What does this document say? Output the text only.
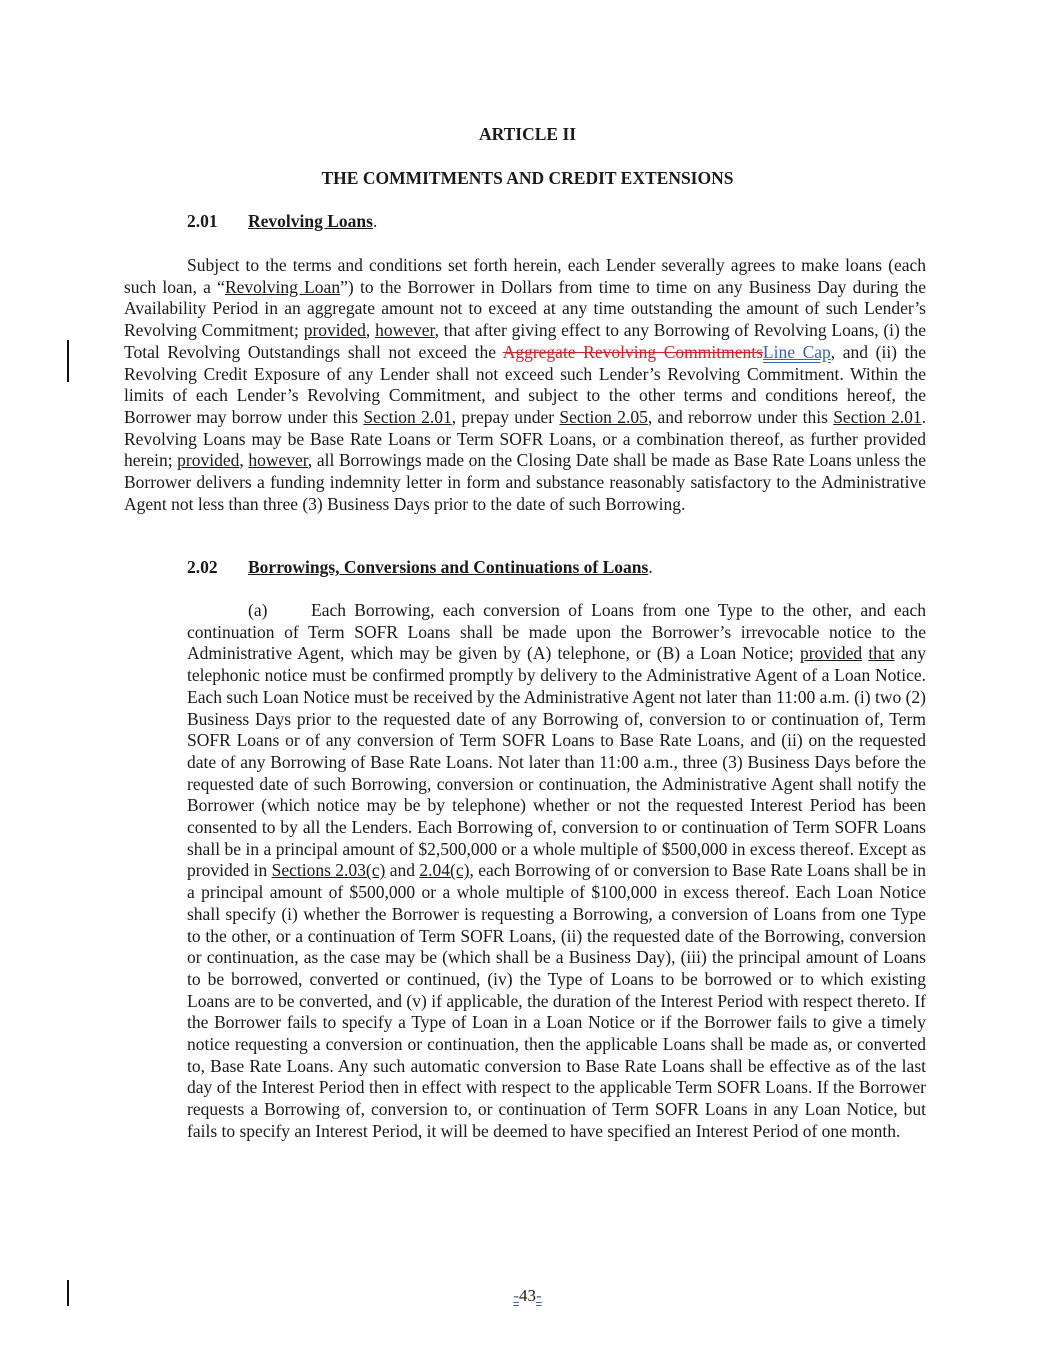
ARTICLE II
THE COMMITMENTS AND CREDIT EXTENSIONS
2.01 Revolving Loans.
Subject to the terms and conditions set forth herein, each Lender severally agrees to make loans (each such loan, a “Revolving Loan”) to the Borrower in Dollars from time to time on any Business Day during the Availability Period in an aggregate amount not to exceed at any time outstanding the amount of such Lender’s Revolving Commitment; provided, however, that after giving effect to any Borrowing of Revolving Loans, (i) the Total Revolving Outstandings shall not exceed the Aggregate Revolving CommitmentsLine Cap, and (ii) the Revolving Credit Exposure of any Lender shall not exceed such Lender’s Revolving Commitment. Within the limits of each Lender’s Revolving Commitment, and subject to the other terms and conditions hereof, the Borrower may borrow under this Section 2.01, prepay under Section 2.05, and reborrow under this Section 2.01. Revolving Loans may be Base Rate Loans or Term SOFR Loans, or a combination thereof, as further provided herein; provided, however, all Borrowings made on the Closing Date shall be made as Base Rate Loans unless the Borrower delivers a funding indemnity letter in form and substance reasonably satisfactory to the Administrative Agent not less than three (3) Business Days prior to the date of such Borrowing.
2.02 Borrowings, Conversions and Continuations of Loans.
(a) Each Borrowing, each conversion of Loans from one Type to the other, and each continuation of Term SOFR Loans shall be made upon the Borrower’s irrevocable notice to the Administrative Agent, which may be given by (A) telephone, or (B) a Loan Notice; provided that any telephonic notice must be confirmed promptly by delivery to the Administrative Agent of a Loan Notice. Each such Loan Notice must be received by the Administrative Agent not later than 11:00 a.m. (i) two (2) Business Days prior to the requested date of any Borrowing of, conversion to or continuation of, Term SOFR Loans or of any conversion of Term SOFR Loans to Base Rate Loans, and (ii) on the requested date of any Borrowing of Base Rate Loans. Not later than 11:00 a.m., three (3) Business Days before the requested date of such Borrowing, conversion or continuation, the Administrative Agent shall notify the Borrower (which notice may be by telephone) whether or not the requested Interest Period has been consented to by all the Lenders. Each Borrowing of, conversion to or continuation of Term SOFR Loans shall be in a principal amount of $2,500,000 or a whole multiple of $500,000 in excess thereof. Except as provided in Sections 2.03(c) and 2.04(c), each Borrowing of or conversion to Base Rate Loans shall be in a principal amount of $500,000 or a whole multiple of $100,000 in excess thereof. Each Loan Notice shall specify (i) whether the Borrower is requesting a Borrowing, a conversion of Loans from one Type to the other, or a continuation of Term SOFR Loans, (ii) the requested date of the Borrowing, conversion or continuation, as the case may be (which shall be a Business Day), (iii) the principal amount of Loans to be borrowed, converted or continued, (iv) the Type of Loans to be borrowed or to which existing Loans are to be converted, and (v) if applicable, the duration of the Interest Period with respect thereto. If the Borrower fails to specify a Type of Loan in a Loan Notice or if the Borrower fails to give a timely notice requesting a conversion or continuation, then the applicable Loans shall be made as, or converted to, Base Rate Loans. Any such automatic conversion to Base Rate Loans shall be effective as of the last day of the Interest Period then in effect with respect to the applicable Term SOFR Loans. If the Borrower requests a Borrowing of, conversion to, or continuation of Term SOFR Loans in any Loan Notice, but fails to specify an Interest Period, it will be deemed to have specified an Interest Period of one month.
-43-
